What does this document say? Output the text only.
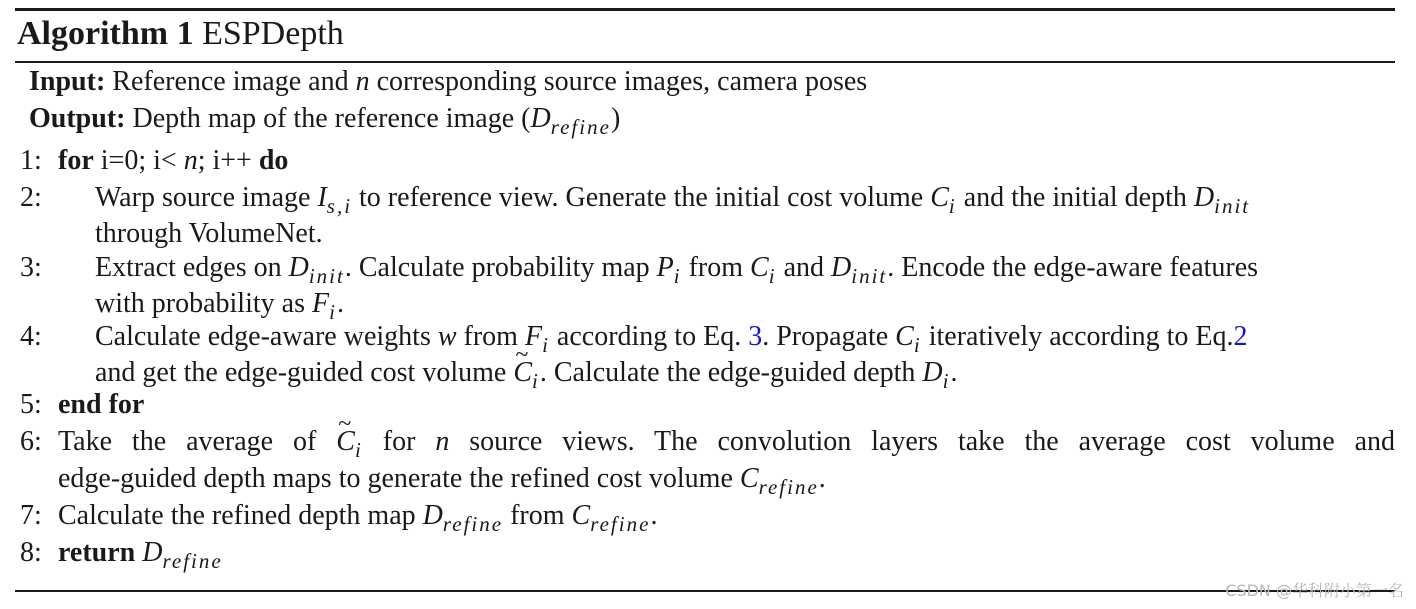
Algorithm 1 ESPDepth
Input: Reference image and n corresponding source images, camera poses
Output: Depth map of the reference image $(D_{refine})$
1: for i=0; i< n; i++ do
2: Warp source image $I_{s,i}$ to reference view. Generate the initial cost volume $C_i$ and the initial depth $D_{init}$
through VolumeNet.
3: Extract edges on $D_{init}$. Calculate probability map $P_i$ from $C_i$ and $D_{init}$. Encode the edge-aware features
with probability as $F_i$.
4: Calculate edge-aware weights w from $F_i$ according to Eq. 3. Propagate $C_i$ iteratively according to Eq.2
and get the edge-guided cost volume ~ $C_i$. Calculate the edge-guided depth $D_i$.
5: end for
6: Take the average of ~ $C_i$ for n source views. The convolution layers take the average cost volume and
edge-guided depth maps to generate the refined cost volume $C_{refine}$.
7: Calculate the refined depth map $D_{refine}$ from $C_{refine}$.
8: return $D_{refine}$
CSDN @华科附小第一名
